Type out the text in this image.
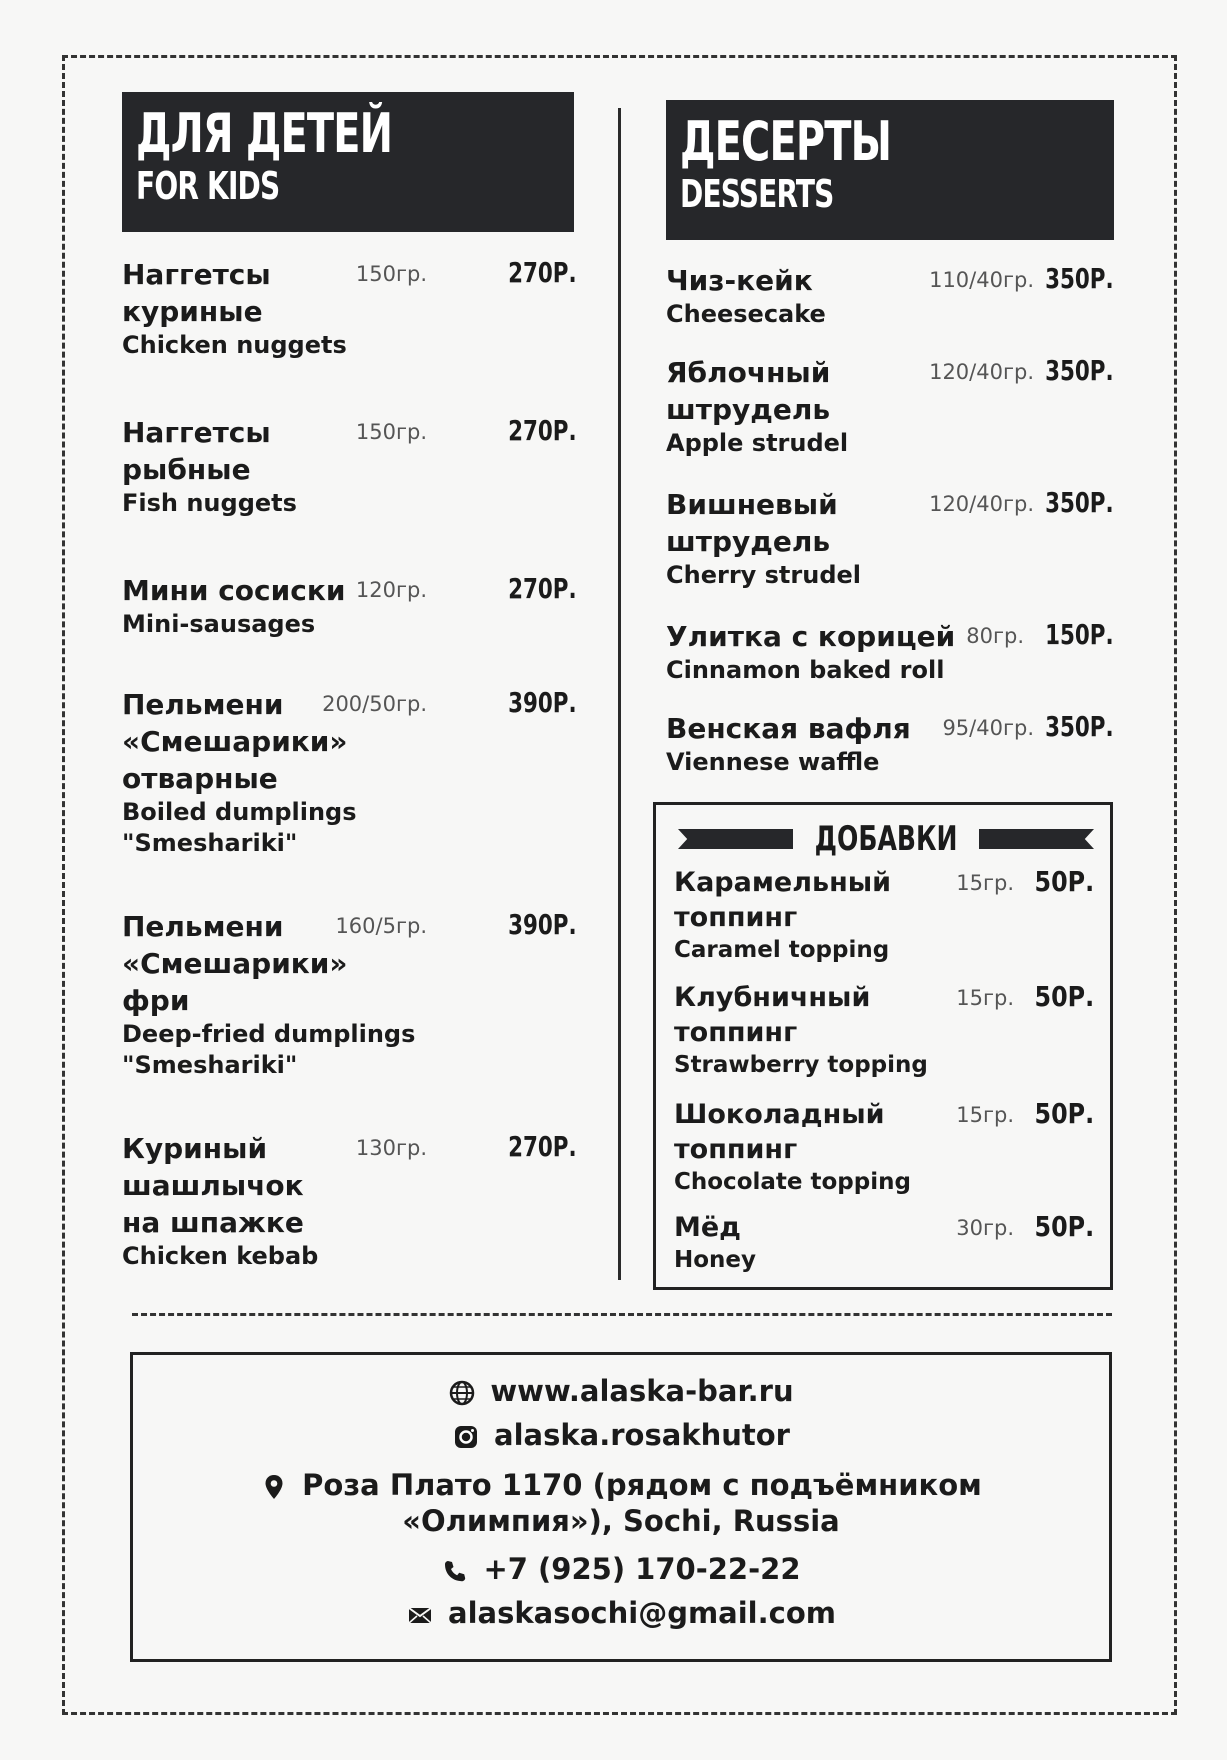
ДЛЯ ДЕТЕЙ
FOR KIDS
Наггетсы куриные
Chicken nuggets
150гр.	270Р.
Наггетсы рыбные
Fish nuggets
150гр.	270Р.
Мини сосиски
Mini-sausages
120гр.	270Р.
Пельмени «Смешарики» отварные
Boiled dumplings "Smeshariki"
200/50гр.	390Р.
Пельмени «Смешарики» фри
Deep-fried dumplings "Smeshariki"
160/5гр.	390Р.
Куриный шашлычок на шпажке
Chicken kebab
130гр.	270Р.
ДЕСЕРТЫ
DESSERTS
Чиз-кейк
Cheesecake
110/40гр. 350Р.
Яблочный штрудель
Apple strudel
120/40гр. 350Р.
Вишневый штрудель
Cherry strudel
120/40гр. 350Р.
Улитка с корицей
Cinnamon baked roll
80гр. 150Р.
Венская вафля
Viennese waffle
95/40гр. 350Р.
ДОБАВКИ
Карамельный топпинг
Caramel topping
15гр. 50Р.
Клубничный топпинг
Strawberry topping
15гр. 50Р.
Шоколадный топпинг
Chocolate topping
15гр. 50Р.
Мёд
Honey
30гр. 50Р.
www.alaska-bar.ru
alaska.rosakhutor
Роза Плато 1170 (рядом с подъёмником
«Олимпия»), Sochi, Russia
+7 (925) 170-22-22
alaskasochi@gmail.com
